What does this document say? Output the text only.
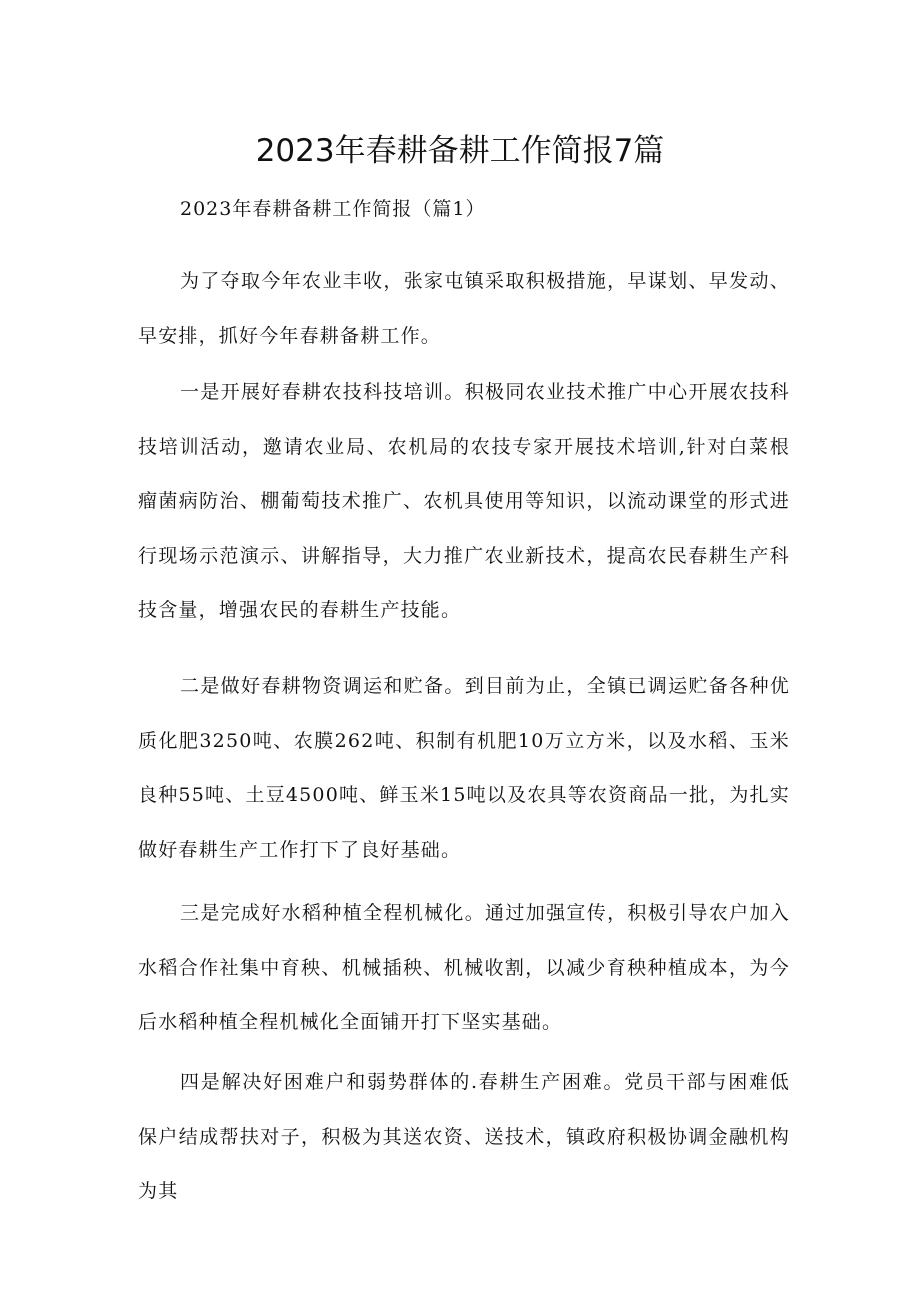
2023年春耕备耕工作简报7篇

2023年春耕备耕工作简报（篇1）

为了夺取今年农业丰收，张家屯镇采取积极措施，早谋划、早发动、早安排，抓好今年春耕备耕工作。

一是开展好春耕农技科技培训。积极同农业技术推广中心开展农技科技培训活动，邀请农业局、农机局的农技专家开展技术培训,针对白菜根瘤菌病防治、棚葡萄技术推广、农机具使用等知识，以流动课堂的形式进行现场示范演示、讲解指导，大力推广农业新技术，提高农民春耕生产科技含量，增强农民的春耕生产技能。

二是做好春耕物资调运和贮备。到目前为止，全镇已调运贮备各种优质化肥3250吨、农膜262吨、积制有机肥10万立方米，以及水稻、玉米良种55吨、土豆4500吨、鲜玉米15吨以及农具等农资商品一批，为扎实做好春耕生产工作打下了良好基础。

三是完成好水稻种植全程机械化。通过加强宣传，积极引导农户加入水稻合作社集中育秧、机械插秧、机械收割，以减少育秧种植成本，为今后水稻种植全程机械化全面铺开打下坚实基础。

四是解决好困难户和弱势群体的.春耕生产困难。党员干部与困难低保户结成帮扶对子，积极为其送农资、送技术，镇政府积极协调金融机构为其
